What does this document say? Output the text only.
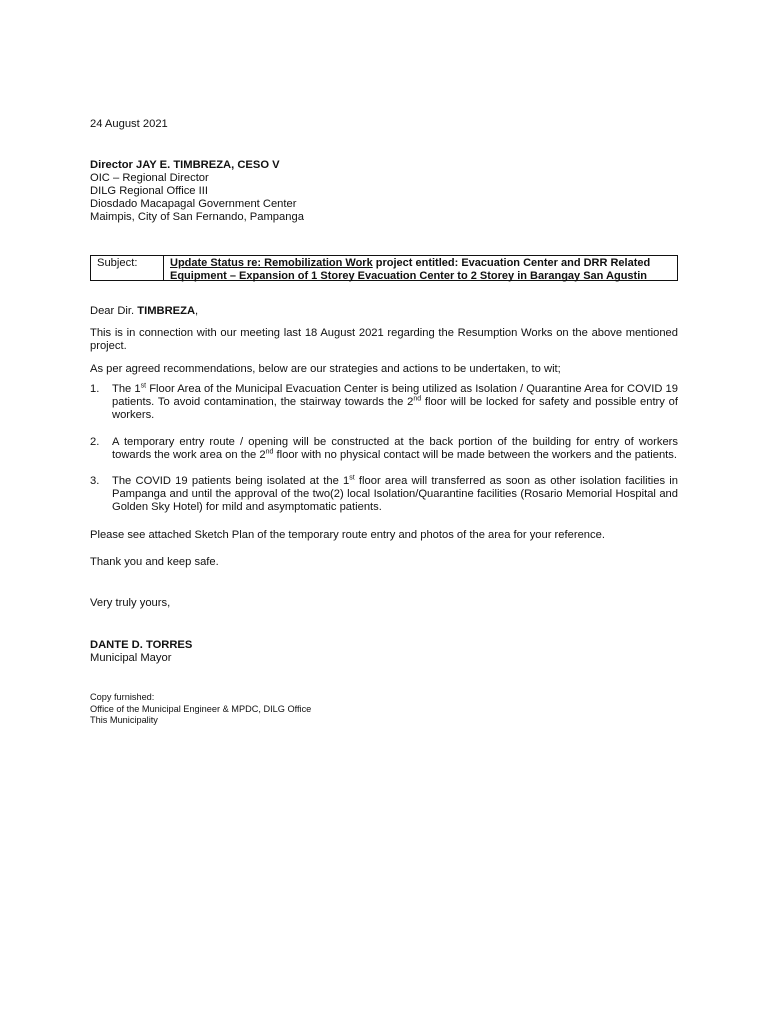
24 August 2021
Director JAY E. TIMBREZA, CESO V
OIC – Regional Director
DILG Regional Office III
Diosdado Macapagal Government Center
Maimpis, City of San Fernando, Pampanga
Subject:	Update Status re: Remobilization Work project entitled: Evacuation Center and DRR Related
Equipment – Expansion of 1 Storey Evacuation Center to 2 Storey in Barangay San Agustin
Dear Dir. TIMBREZA,
This is in connection with our meeting last 18 August 2021 regarding the Resumption Works on the above mentioned project.
As per agreed recommendations, below are our strategies and actions to be undertaken, to wit;
1. The 1st Floor Area of the Municipal Evacuation Center is being utilized as Isolation / Quarantine Area for COVID 19 patients. To avoid contamination, the stairway towards the 2nd floor will be locked for safety and possible entry of workers.
2. A temporary entry route / opening will be constructed at the back portion of the building for entry of workers towards the work area on the 2nd floor with no physical contact will be made between the workers and the patients.
3. The COVID 19 patients being isolated at the 1st floor area will transferred as soon as other isolation facilities in Pampanga and until the approval of the two(2) local Isolation/Quarantine facilities (Rosario Memorial Hospital and Golden Sky Hotel) for mild and asymptomatic patients.
Please see attached Sketch Plan of the temporary route entry and photos of the area for your reference.
Thank you and keep safe.
Very truly yours,
DANTE D. TORRES
Municipal Mayor
Copy furnished:
Office of the Municipal Engineer & MPDC, DILG Office
This Municipality
